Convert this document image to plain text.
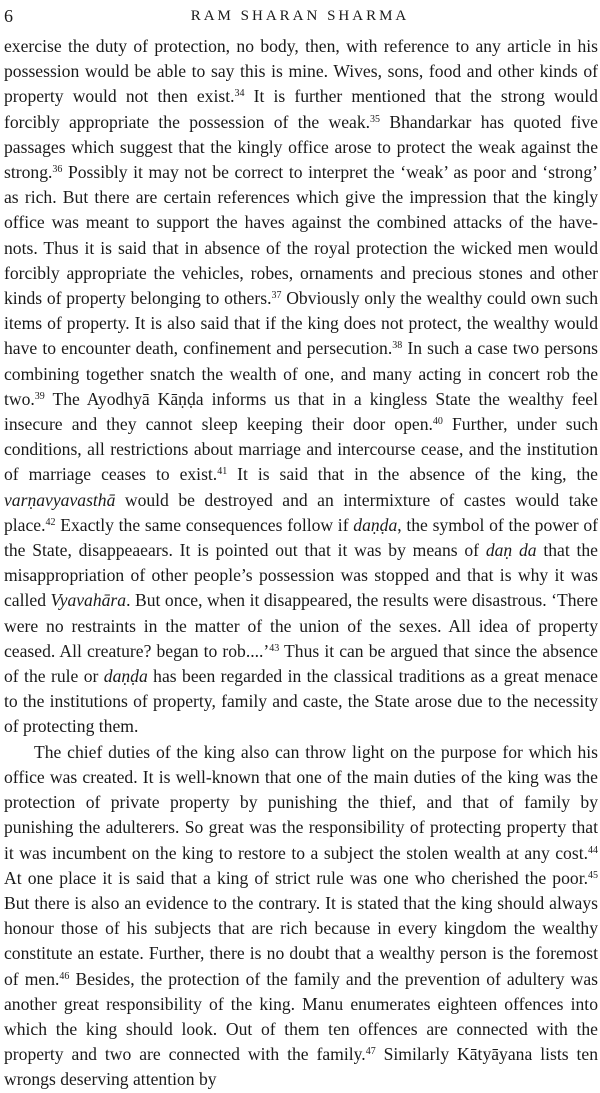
6	RAM SHARAN SHARMA

exercise the duty of protection, no body, then, with reference to any article in his possession would be able to say this is mine. Wives, sons, food and other kinds of property would not then exist.$^{34}$ It is further mentioned that the strong would forcibly appropriate the possession of the weak.$^{35}$ Bhandarkar has quoted five passages which suggest that the kingly office arose to protect the weak against the strong.$^{36}$ Possibly it may not be correct to interpret the ‘weak’ as poor and ‘strong’ as rich. But there are certain references which give the impression that the kingly office was meant to support the haves against the combined attacks of the have-nots. Thus it is said that in absence of the royal protection the wicked men would forcibly appropriate the vehicles, robes, ornaments and precious stones and other kinds of property belonging to others.$^{37}$ Obviously only the wealthy could own such items of property. It is also said that if the king does not protect, the wealthy would have to encounter death, confinement and persecution.$^{38}$ In such a case two persons combining together snatch the wealth of one, and many acting in concert rob the two.$^{39}$ The Ayodhyā Kāṇḍa informs us that in a kingless State the wealthy feel insecure and they cannot sleep keeping their door open.$^{40}$ Further, under such conditions, all restrictions about marriage and intercourse cease, and the institution of marriage ceases to exist.$^{41}$ It is said that in the absence of the king, the varṇavyavasthā would be destroyed and an intermixture of castes would take place.$^{42}$ Exactly the same consequences follow if daṇḍa, the symbol of the power of the State, disappeaears. It is pointed out that it was by means of daṇ da that the misappropriation of other people’s possession was stopped and that is why it was called Vyavahāra. But once, when it disappeared, the results were disastrous. ‘There were no restraints in the matter of the union of the sexes. All idea of property ceased. All creature? began to rob....’$^{43}$ Thus it can be argued that since the absence of the rule or daṇḍa has been regarded in the classical traditions as a great menace to the institutions of property, family and caste, the State arose due to the necessity of protecting them.

The chief duties of the king also can throw light on the purpose for which his office was created. It is well-known that one of the main duties of the king was the protection of private property by punishing the thief, and that of family by punishing the adulterers. So great was the responsibility of protecting property that it was incumbent on the king to restore to a subject the stolen wealth at any cost.$^{44}$ At one place it is said that a king of strict rule was one who cherished the poor.$^{45}$ But there is also an evidence to the contrary. It is stated that the king should always honour those of his subjects that are rich because in every kingdom the wealthy constitute an estate. Further, there is no doubt that a wealthy person is the foremost of men.$^{46}$ Besides, the protection of the family and the prevention of adultery was another great responsibility of the king. Manu enumerates eighteen offences into which the king should look. Out of them ten offences are connected with the property and two are connected with the family.$^{47}$ Similarly Kātyāyana lists ten wrongs deserving attention by
